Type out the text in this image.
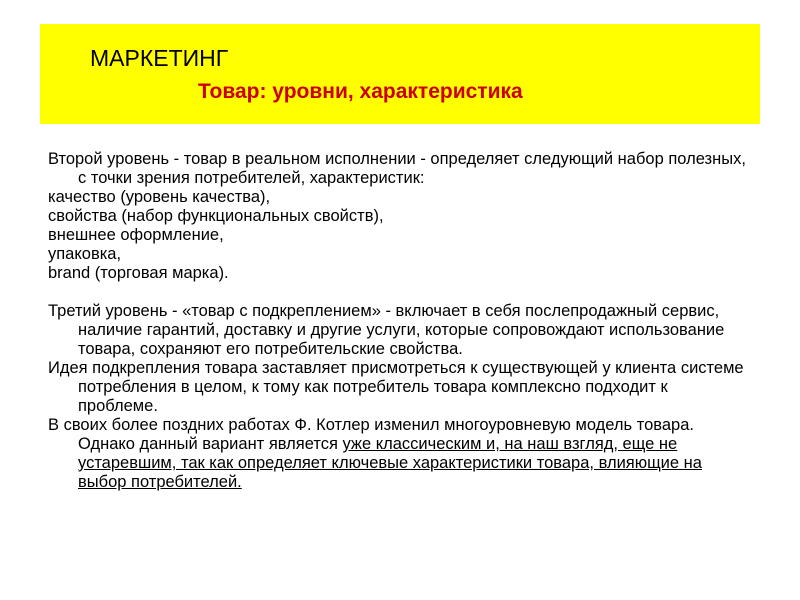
МАРКЕТИНГ
Товар: уровни, характеристика

Второй уровень - товар в реальном исполнении - определяет следующий набор полезных, с точки зрения потребителей, характеристик:

качество (уровень качества),

свойства (набор функциональных свойств),

внешнее оформление,

упаковка,

brand (торговая марка).

Третий уровень - «товар с подкреплением» - включает в себя послепродажный сервис, наличие гарантий, доставку и другие услуги, которые сопровождают использование товара, сохраняют его потребительские свойства.

Идея подкрепления товара заставляет присмотреться к существующей у клиента системе потребления в целом, к тому как потребитель товара комплексно подходит к проблеме.

В своих более поздних работах Ф. Котлер изменил многоуровневую модель товара. Однако данный вариант является уже классическим и, на наш взгляд, еще не устаревшим, так как определяет ключевые характеристики товара, влияющие на выбор потребителей.
